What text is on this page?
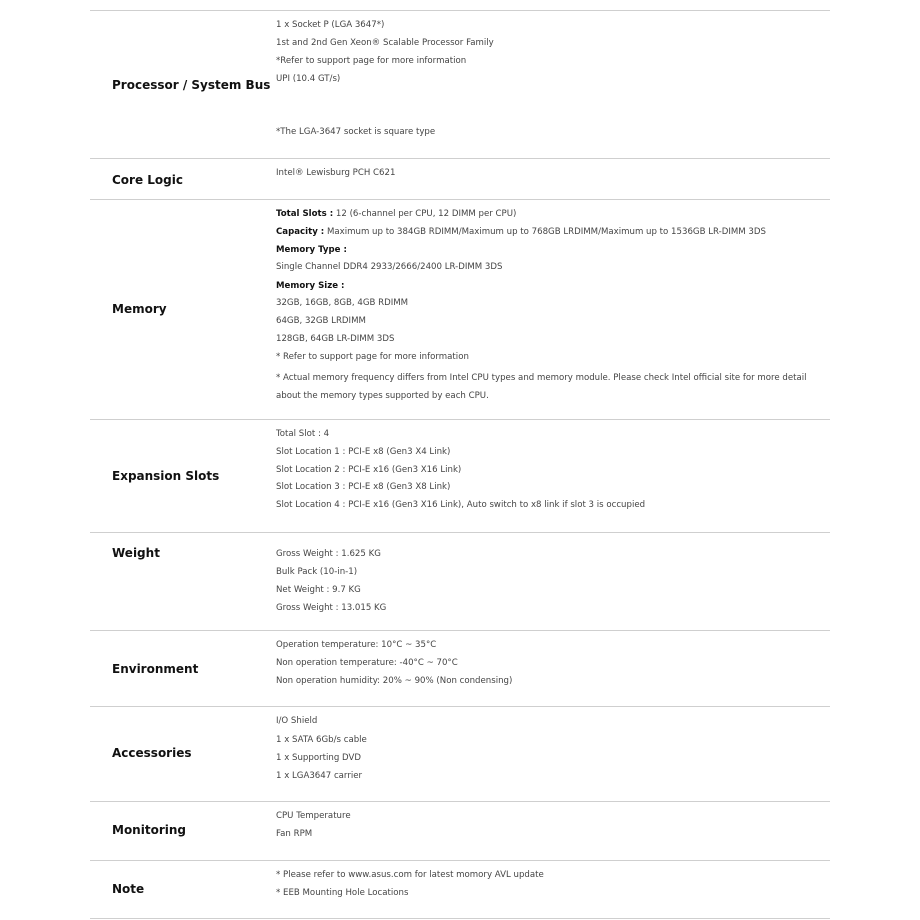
Processor / System Bus
1 x Socket P (LGA 3647*)
1st and 2nd Gen Xeon® Scalable Processor Family
*Refer to support page for more information
UPI (10.4 GT/s)
*The LGA-3647 socket is square type
Core Logic	Intel® Lewisburg PCH C621
Memory
Total Slots : 12 (6-channel per CPU, 12 DIMM per CPU)
Capacity : Maximum up to 384GB RDIMM/Maximum up to 768GB LRDIMM/Maximum up to 1536GB LR-DIMM 3DS
Memory Type :
Single Channel DDR4 2933/2666/2400 LR-DIMM 3DS
Memory Size :
32GB, 16GB, 8GB, 4GB RDIMM
64GB, 32GB LRDIMM
128GB, 64GB LR-DIMM 3DS
* Refer to support page for more information
* Actual memory frequency differs from Intel CPU types and memory module. Please check Intel official site for more detail about the memory types supported by each CPU.
Expansion Slots
Total Slot : 4
Slot Location 1 : PCI-E x8 (Gen3 X4 Link)
Slot Location 2 : PCI-E x16 (Gen3 X16 Link)
Slot Location 3 : PCI-E x8 (Gen3 X8 Link)
Slot Location 4 : PCI-E x16 (Gen3 X16 Link), Auto switch to x8 link if slot 3 is occupied
Weight	Gross Weight : 1.625 KG
Bulk Pack (10-in-1)
Net Weight : 9.7 KG
Gross Weight : 13.015 KG
Environment
Operation temperature: 10°C ~ 35°C
Non operation temperature: -40°C ~ 70°C
Non operation humidity: 20% ~ 90% (Non condensing)
Accessories
I/O Shield
1 x SATA 6Gb/s cable
1 x Supporting DVD
1 x LGA3647 carrier
Monitoring
CPU Temperature
Fan RPM
Note
* Please refer to www.asus.com for latest momory AVL update
* EEB Mounting Hole Locations
